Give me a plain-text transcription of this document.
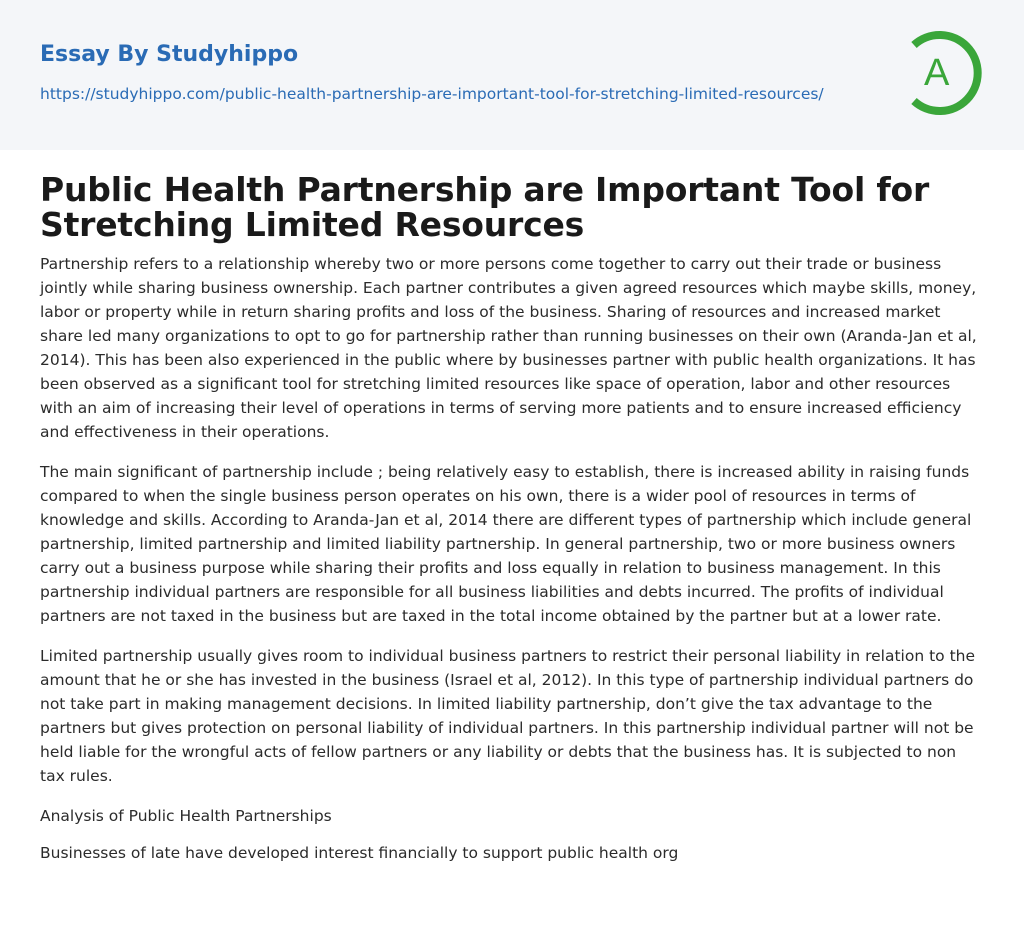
Essay By Studyhippo
https://studyhippo.com/public-health-partnership-are-important-tool-for-stretching-limited-resources/	A
Public Health Partnership are Important Tool for Stretching Limited Resources

Partnership refers to a relationship whereby two or more persons come together to carry out their trade or business jointly while sharing business ownership. Each partner contributes a given agreed resources which maybe skills, money, labor or property while in return sharing profits and loss of the business. Sharing of resources and increased market share led many organizations to opt to go for partnership rather than running businesses on their own (Aranda-Jan et al, 2014). This has been also experienced in the public where by businesses partner with public health organizations. It has been observed as a significant tool for stretching limited resources like space of operation, labor and other resources with an aim of increasing their level of operations in terms of serving more patients and to ensure increased efficiency and effectiveness in their operations.

The main significant of partnership include ; being relatively easy to establish, there is increased ability in raising funds compared to when the single business person operates on his own, there is a wider pool of resources in terms of knowledge and skills. According to Aranda-Jan et al, 2014 there are different types of partnership which include general partnership, limited partnership and limited liability partnership. In general partnership, two or more business owners carry out a business purpose while sharing their profits and loss equally in relation to business management. In this partnership individual partners are responsible for all business liabilities and debts incurred. The profits of individual partners are not taxed in the business but are taxed in the total income obtained by the partner but at a lower rate.

Limited partnership usually gives room to individual business partners to restrict their personal liability in relation to the amount that he or she has invested in the business (Israel et al, 2012). In this type of partnership individual partners do not take part in making management decisions. In limited liability partnership, don’t give the tax advantage to the partners but gives protection on personal liability of individual partners. In this partnership individual partner will not be held liable for the wrongful acts of fellow partners or any liability or debts that the business has. It is subjected to non tax rules.

Analysis of Public Health Partnerships

Businesses of late have developed interest financially to support public health org
